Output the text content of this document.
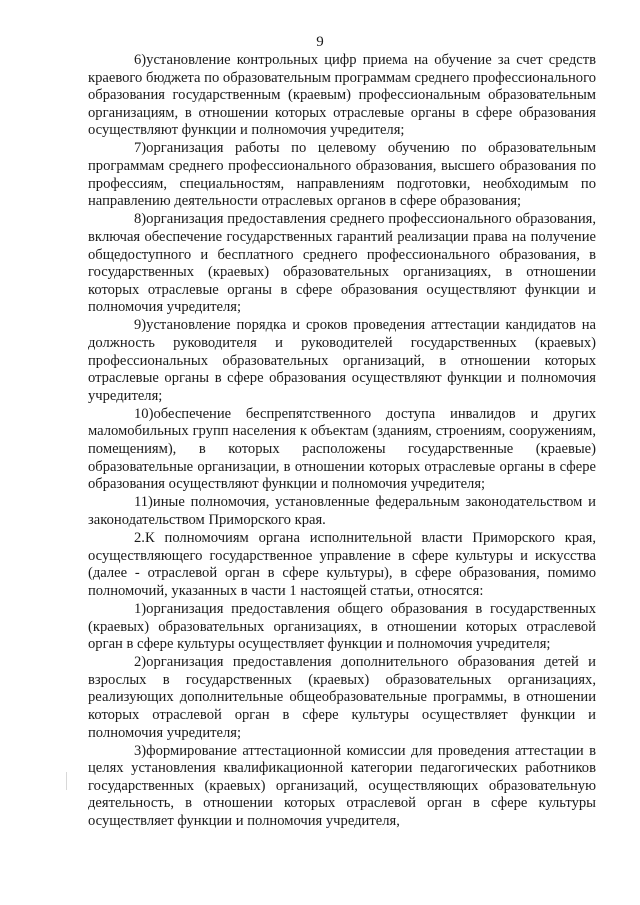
9

6)установление контрольных цифр приема на обучение за счет средств краевого бюджета по образовательным программам среднего профессионального образования государственным (краевым) профессиональным образовательным организациям, в отношении которых отраслевые органы в сфере образования осуществляют функции и полномочия учредителя;

7)организация работы по целевому обучению по образовательным программам среднего профессионального образования, высшего образования по профессиям, специальностям, направлениям подготовки, необходимым по направлению деятельности отраслевых органов в сфере образования;

8)организация предоставления среднего профессионального образования, включая обеспечение государственных гарантий реализации права на получение общедоступного и бесплатного среднего профессионального образования, в государственных (краевых) образовательных организациях, в отношении которых отраслевые органы в сфере образования осуществляют функции и полномочия учредителя;

9)установление порядка и сроков проведения аттестации кандидатов на должность руководителя и руководителей государственных (краевых) профессиональных образовательных организаций, в отношении которых отраслевые органы в сфере образования осуществляют функции и полномочия учредителя;

10)обеспечение беспрепятственного доступа инвалидов и других маломобильных групп населения к объектам (зданиям, строениям, сооружениям, помещениям), в которых расположены государственные (краевые) образовательные организации, в отношении которых отраслевые органы в сфере образования осуществляют функции и полномочия учредителя;

11)иные полномочия, установленные федеральным законодательством и законодательством Приморского края.

2.К полномочиям органа исполнительной власти Приморского края, осуществляющего государственное управление в сфере культуры и искусства (далее - отраслевой орган в сфере культуры), в сфере образования, помимо полномочий, указанных в части 1 настоящей статьи, относятся:

1)организация предоставления общего образования в государственных (краевых) образовательных организациях, в отношении которых отраслевой орган в сфере культуры осуществляет функции и полномочия учредителя;

2)организация предоставления дополнительного образования детей и взрослых в государственных (краевых) образовательных организациях, реализующих дополнительные общеобразовательные программы, в отношении которых отраслевой орган в сфере культуры осуществляет функции и полномочия учредителя;

3)формирование аттестационной комиссии для проведения аттестации в целях установления квалификационной категории педагогических работников государственных (краевых) организаций, осуществляющих образовательную деятельность, в отношении которых отраслевой орган в сфере культуры осуществляет функции и полномочия учредителя,
